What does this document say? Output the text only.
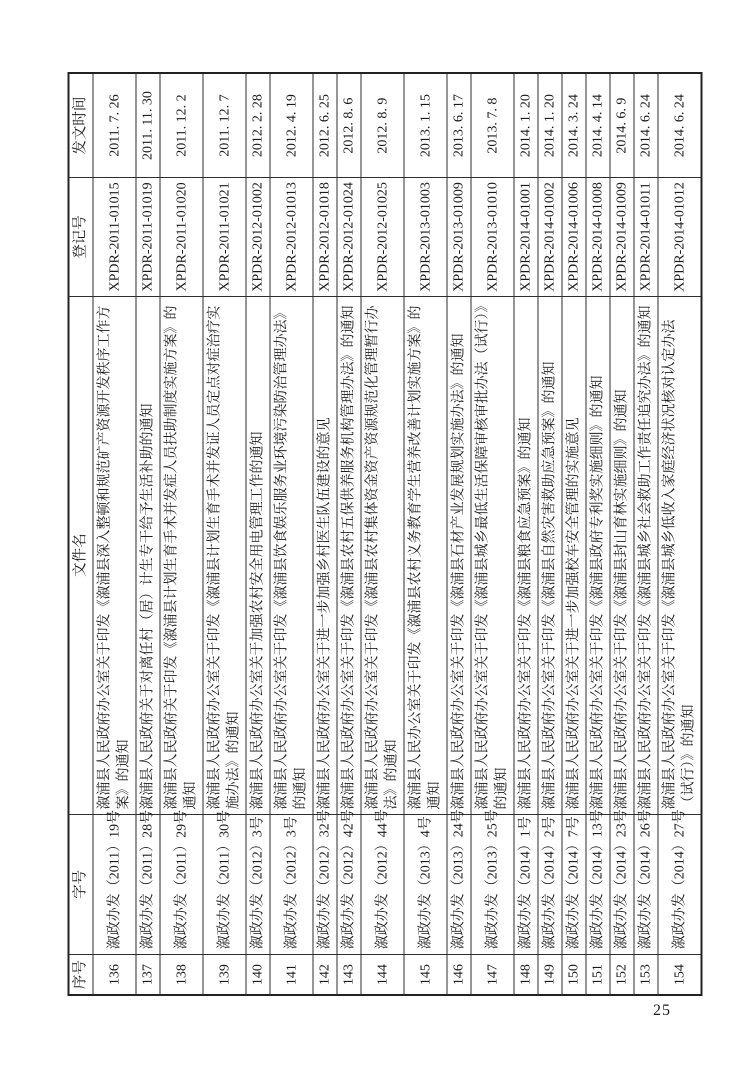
序号	字号	文件名	登记号	发文时间
136	溆政办发（2011）19号	溆浦县人民政府办公室关于印发《溆浦县深入整顿和规范矿产资源开发秩序工作方案》的通知	XPDR-2011-01015	2011. 7. 26
137	溆政办发（2011）28号	溆浦县人民政府关于对离任村（居）计生专干给予生活补助的通知	XPDR-2011-01019	2011. 11. 30
138	溆政办发（2011）29号	溆浦县人民政府关于印发《溆浦县计划生育手术并发症人员扶助制度实施方案》的通知	XPDR-2011-01020	2011. 12. 2
139	溆政办发（2011）30号	溆浦县人民政府办公室关于印发《溆浦县计划生育手术并发证人员定点对症治疗实施办法》的通知	XPDR-2011-01021	2011. 12. 7
140	溆政办发（2012）3号	溆浦县人民政府办公室关于加强农村安全用电管理工作的通知	XPDR-2012-01002	2012. 2. 28
141	溆政办发（2012）3号	溆浦县人民政府办公室关于印发《溆浦县饮食娱乐服务业环境污染防治管理办法》的通知	XPDR-2012-01013	2012. 4. 19
142	溆政办发（2012）32号	溆浦县人民政府办公室关于进一步加强乡村医生队伍建设的意见	XPDR-2012-01018	2012. 6. 25
143	溆政办发（2012）42号	溆浦县人民政府办公室关于印发《溆浦县农村五保供养服务机构管理办法》的通知	XPDR-2012-01024	2012. 8. 6
144	溆政办发（2012）44号	溆浦县人民政府办公室关于印发《溆浦县农村集体资金资产资源规范化管理暂行办法》的通知	XPDR-2012-01025	2012. 8. 9
145	溆政办发（2013）4号	溆浦县人民办公室关于印发《溆浦县农村义务教育学生营养改善计划实施方案》的通知	XPDR-2013-01003	2013. 1. 15
146	溆政办发（2013）24号	溆浦县人民政府办公室关于印发《溆浦县石材产业发展规划实施办法》的通知	XPDR-2013-01009	2013. 6. 17
147	溆政办发（2013）25号	溆浦县人民政府办公室关于印发《溆浦县城乡最低生活保障审核审批办法（试行）》的通知	XPDR-2013-01010	2013. 7. 8
148	溆政办发（2014）1号	溆浦县人民政府办公室关于印发《溆浦县粮食应急预案》的通知	XPDR-2014-01001	2014. 1. 20
149	溆政办发（2014）2号	溆浦县人民政府办公室关于印发《溆浦县自然灾害救助应急预案》的通知	XPDR-2014-01002	2014. 1. 20
150	溆政办发（2014）7号	溆浦县人民政府办公室关于进一步加强校车安全管理的实施意见	XPDR-2014-01006	2014. 3. 24
151	溆政办发（2014）13号	溆浦县人民政府办公室关于印发《溆浦县政府专利奖实施细则》的通知	XPDR-2014-01008	2014. 4. 14
152	溆政办发（2014）23号	溆浦县人民政府办公室关于印发《溆浦县封山育林实施细则》的通知	XPDR-2014-01009	2014. 6. 9
153	溆政办发（2014）26号	溆浦县人民政府办公室关于印发《溆浦县城乡社会救助工作责任追究办法》的通知	XPDR-2014-01011	2014. 6. 24
154	溆政办发（2014）27号	溆浦县人民政府办公室关于印发《溆浦县城乡低收入家庭经济状况核对认定办法（试行）》的通知	XPDR-2014-01012	2014. 6. 24
25
